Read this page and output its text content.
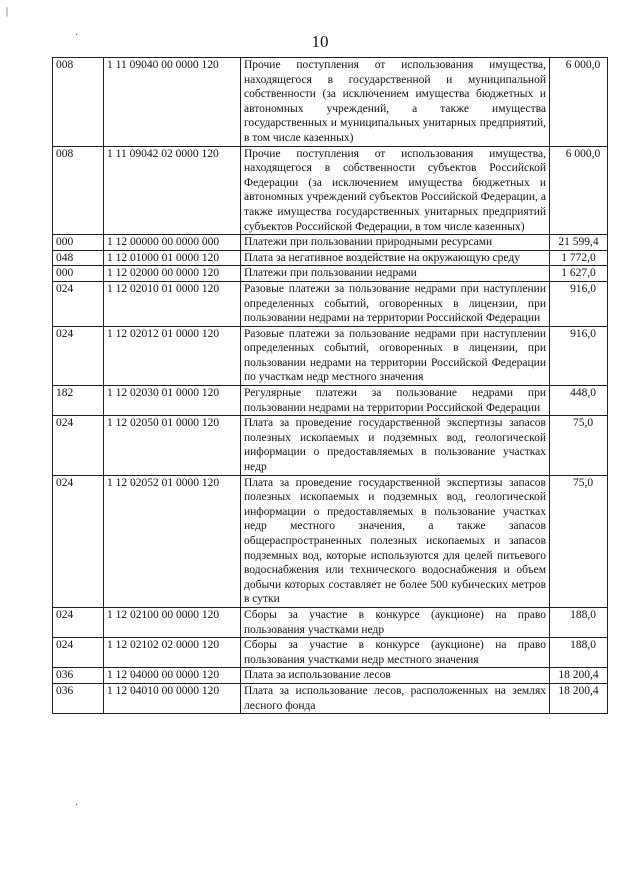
|
·	10
008	1 11 09040 00 0000 120	Прочие поступления от использования имущества, находящегося в государственной и муниципальной собственности (за исключением имущества бюджетных и автономных учреждений, а также имущества государственных и муниципальных унитарных предприятий, в том числе казенных)	6 000,0
008	1 11 09042 02 0000 120	Прочие поступления от использования имущества, находящегося в собственности субъектов Российской Федерации (за исключением имущества бюджетных и автономных учреждений субъектов Российской Федерации, а также имущества государственных унитарных предприятий субъектов Российской Федерации, в том числе казенных)	6 000,0
000	1 12 00000 00 0000 000	Платежи при пользовании природными ресурсами	21 599,4
048	1 12 01000 01 0000 120	Плата за негативное воздействие на окружающую среду	1 772,0
000	1 12 02000 00 0000 120	Платежи при пользовании недрами	1 627,0
024	1 12 02010 01 0000 120	Разовые платежи за пользование недрами при наступлении определенных событий, оговоренных в лицензии, при пользовании недрами на территории Российской Федерации	916,0
024	1 12 02012 01 0000 120	Разовые платежи за пользование недрами при наступлении определенных событий, оговоренных в лицензии, при пользовании недрами на территории Российской Федерации по участкам недр местного значения	916,0
182	1 12 02030 01 0000 120	Регулярные платежи за пользование недрами при пользовании недрами на территории Российской Федерации	448,0
024	1 12 02050 01 0000 120	Плата за проведение государственной экспертизы запасов полезных ископаемых и подземных вод, геологической информации о предоставляемых в пользование участках недр	75,0
024	1 12 02052 01 0000 120	Плата за проведение государственной экспертизы запасов полезных ископаемых и подземных вод, геологической информации о предоставляемых в пользование участках недр местного значения, а также запасов общераспространенных полезных ископаемых и запасов подземных вод, которые используются для целей питьевого водоснабжения или технического водоснабжения и объем добычи которых составляет не более 500 кубических метров в сутки	75,0
024	1 12 02100 00 0000 120	Сборы за участие в конкурсе (аукционе) на право пользования участками недр	188,0
024	1 12 02102 02 0000 120	Сборы за участие в конкурсе (аукционе) на право пользования участками недр местного значения	188,0
036	1 12 04000 00 0000 120	Плата за использование лесов	18 200,4
036	1 12 04010 00 0000 120	Плата за использование лесов, расположенных на землях лесного фонда	18 200,4
·
